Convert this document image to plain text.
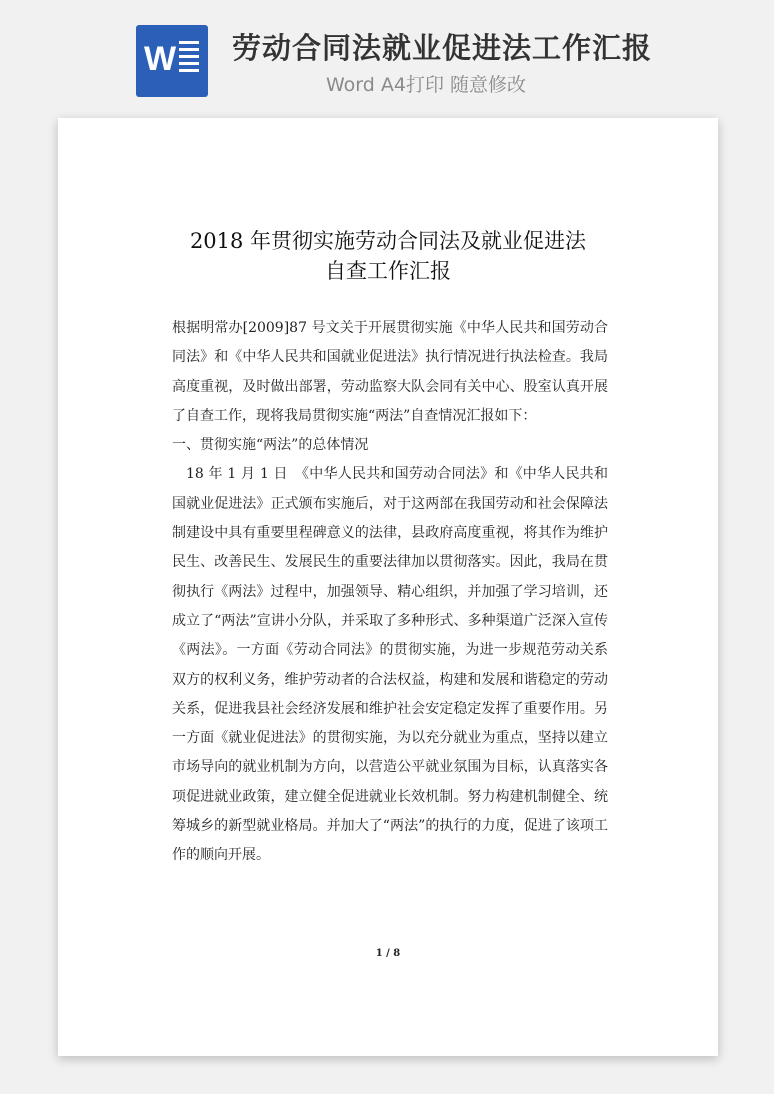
W 劳动合同法就业促进法工作汇报
Word A4打印 随意修改
2018 年贯彻实施劳动合同法及就业促进法
自查工作汇报

根据明常办[2009]87 号文关于开展贯彻实施《中华人民共和国劳动合同法》和《中华人民共和国就业促进法》执行情况进行执法检查。我局高度重视，及时做出部署，劳动监察大队会同有关中心、股室认真开展了自查工作，现将我局贯彻实施“两法”自查情况汇报如下：

一、贯彻实施“两法”的总体情况

18 年 1 月 1 日　《中华人民共和国劳动合同法》和《中华人民共和国就业促进法》正式颁布实施后，对于这两部在我国劳动和社会保障法制建设中具有重要里程碑意义的法律，县政府高度重视，将其作为维护民生、改善民生、发展民生的重要法律加以贯彻落实。因此，我局在贯彻执行《两法》过程中，加强领导、精心组织，并加强了学习培训，还成立了“两法”宣讲小分队，并采取了多种形式、多种渠道广泛深入宣传《两法》。一方面《劳动合同法》的贯彻实施，为进一步规范劳动关系双方的权利义务，维护劳动者的合法权益，构建和发展和谐稳定的劳动关系，促进我县社会经济发展和维护社会安定稳定发挥了重要作用。另一方面《就业促进法》的贯彻实施，为以充分就业为重点，坚持以建立市场导向的就业机制为方向，以营造公平就业氛围为目标，认真落实各项促进就业政策，建立健全促进就业长效机制。努力构建机制健全、统筹城乡的新型就业格局。并加大了“两法”的执行的力度，促进了该项工作的顺向开展。

1 / 8
